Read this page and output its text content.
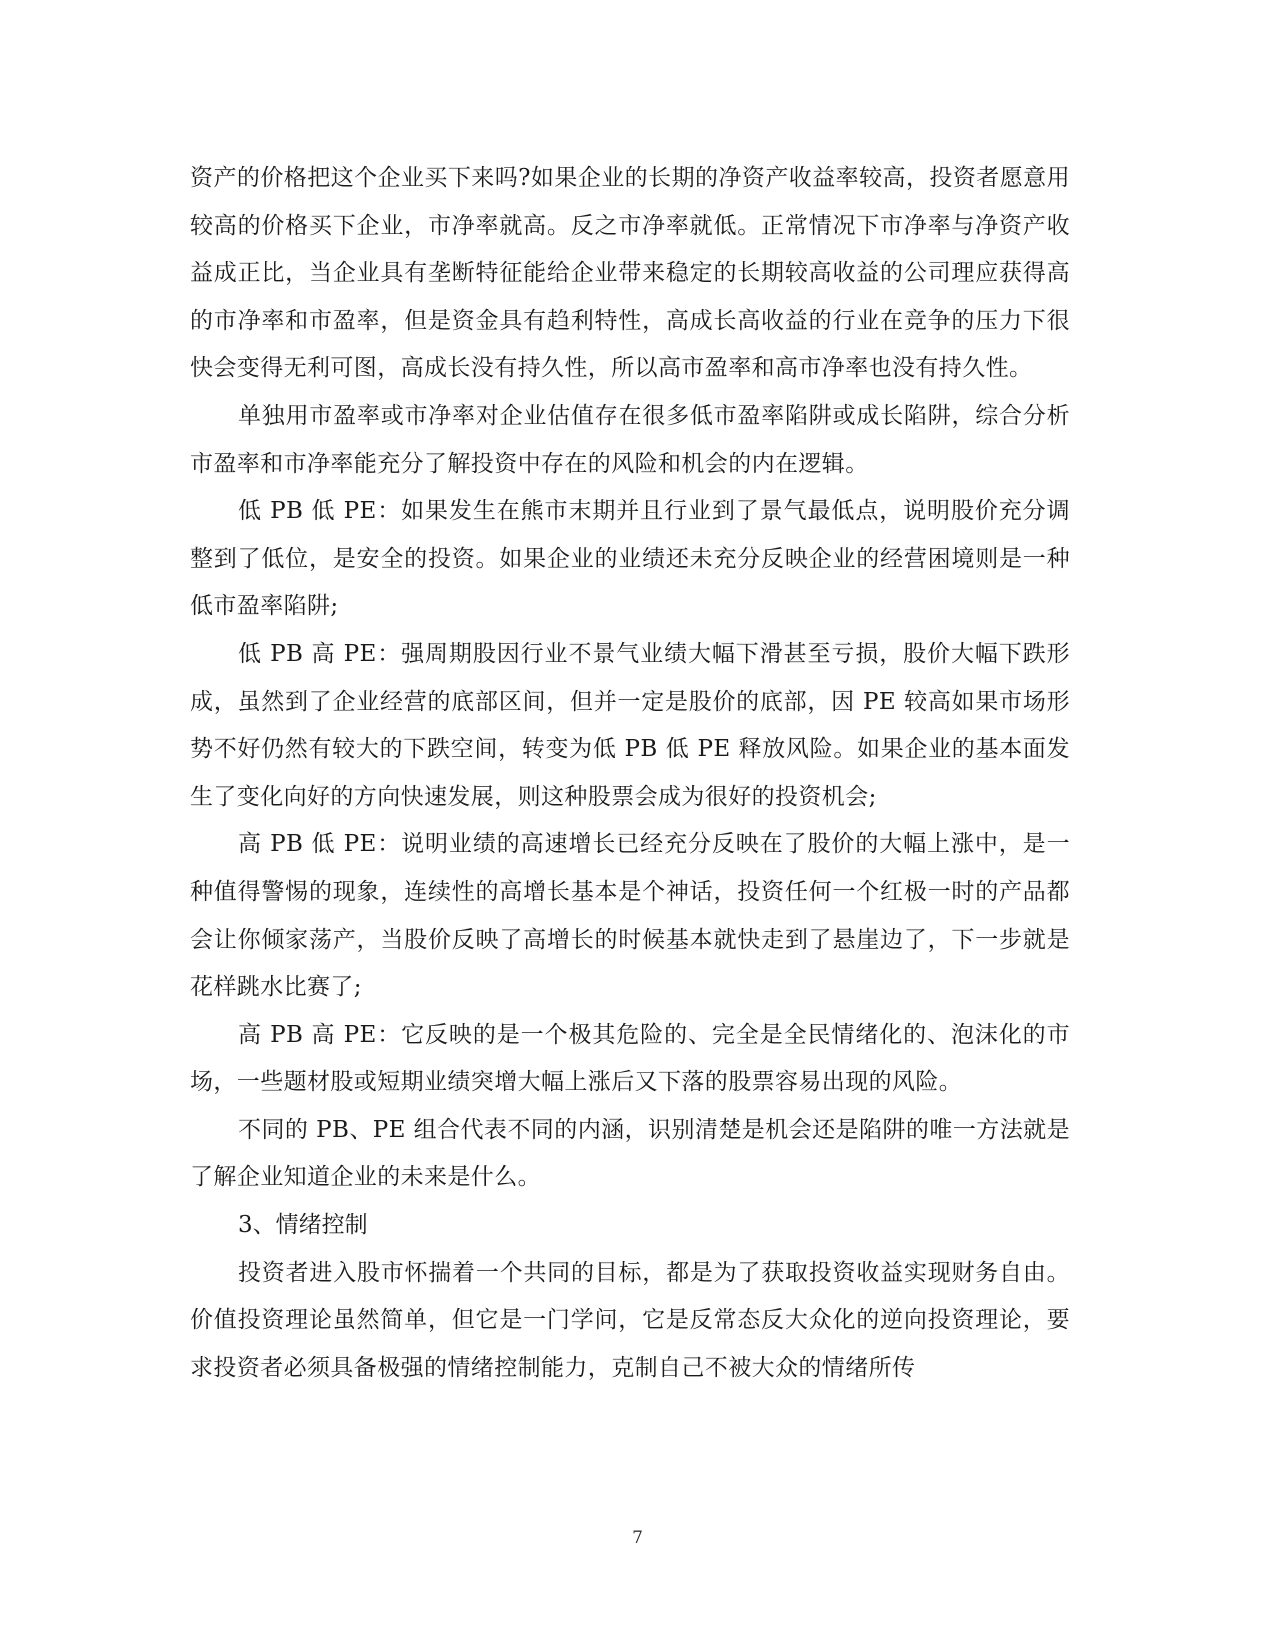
资产的价格把这个企业买下来吗?如果企业的长期的净资产收益率较高，投资者愿意用较高的价格买下企业，市净率就高。反之市净率就低。正常情况下市净率与净资产收益成正比，当企业具有垄断特征能给企业带来稳定的长期较高收益的公司理应获得高的市净率和市盈率，但是资金具有趋利特性，高成长高收益的行业在竞争的压力下很快会变得无利可图，高成长没有持久性，所以高市盈率和高市净率也没有持久性。

单独用市盈率或市净率对企业估值存在很多低市盈率陷阱或成长陷阱，综合分析市盈率和市净率能充分了解投资中存在的风险和机会的内在逻辑。

低 PB 低 PE：如果发生在熊市末期并且行业到了景气最低点，说明股价充分调整到了低位，是安全的投资。如果企业的业绩还未充分反映企业的经营困境则是一种低市盈率陷阱;

低 PB 高 PE：强周期股因行业不景气业绩大幅下滑甚至亏损，股价大幅下跌形成，虽然到了企业经营的底部区间，但并一定是股价的底部，因 PE 较高如果市场形势不好仍然有较大的下跌空间，转变为低 PB 低 PE 释放风险。如果企业的基本面发生了变化向好的方向快速发展，则这种股票会成为很好的投资机会;

高 PB 低 PE：说明业绩的高速增长已经充分反映在了股价的大幅上涨中，是一种值得警惕的现象，连续性的高增长基本是个神话，投资任何一个红极一时的产品都会让你倾家荡产，当股价反映了高增长的时候基本就快走到了悬崖边了，下一步就是花样跳水比赛了;

高 PB 高 PE：它反映的是一个极其危险的、完全是全民情绪化的、泡沫化的市场，一些题材股或短期业绩突增大幅上涨后又下落的股票容易出现的风险。

不同的 PB、PE 组合代表不同的内涵，识别清楚是机会还是陷阱的唯一方法就是了解企业知道企业的未来是什么。

3、情绪控制

投资者进入股市怀揣着一个共同的目标，都是为了获取投资收益实现财务自由。价值投资理论虽然简单，但它是一门学问，它是反常态反大众化的逆向投资理论，要求投资者必须具备极强的情绪控制能力，克制自己不被大众的情绪所传

7
